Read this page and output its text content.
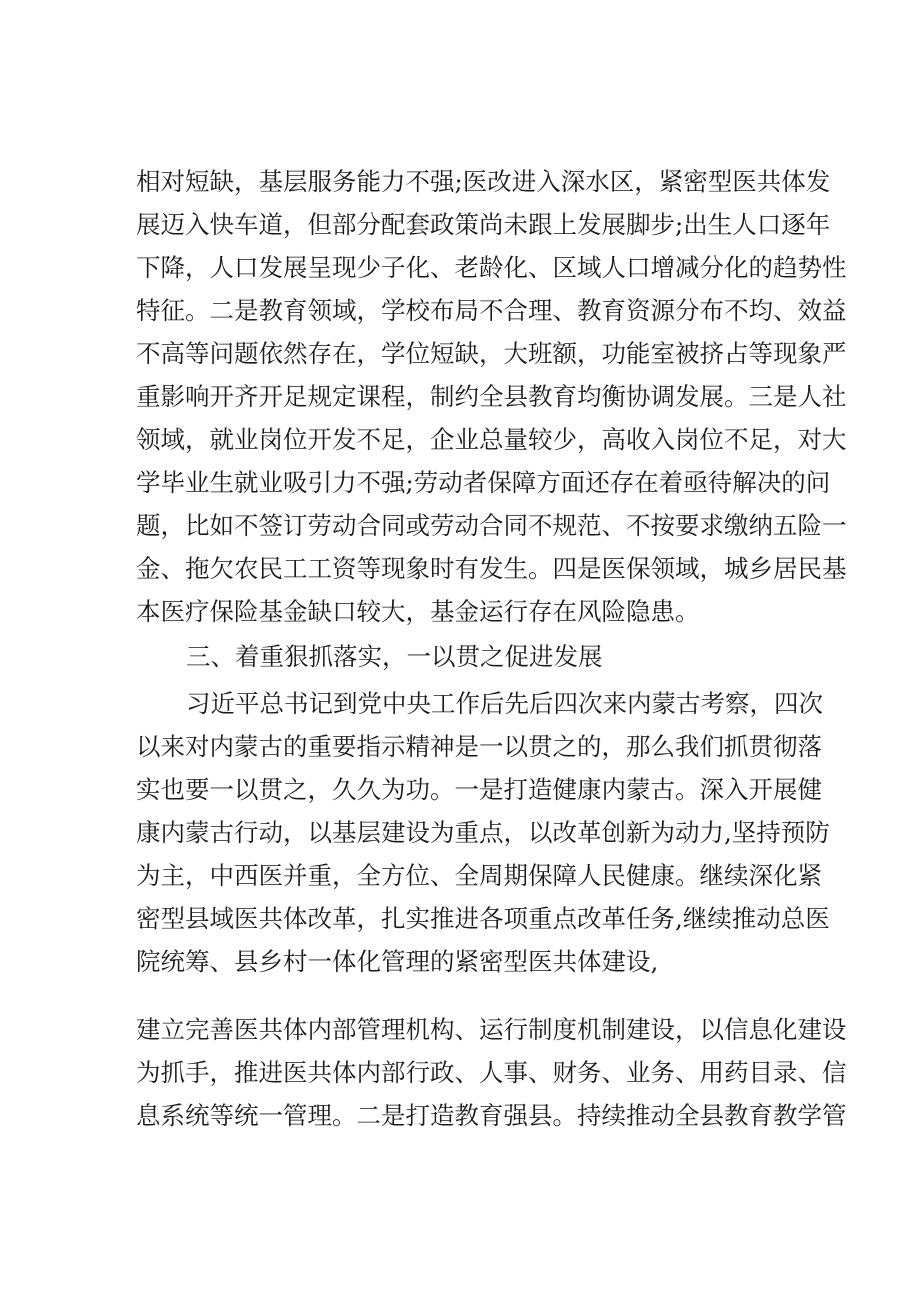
相对短缺，基层服务能力不强;医改进入深水区，紧密型医共体发
展迈入快车道，但部分配套政策尚未跟上发展脚步;出生人口逐年
下降，人口发展呈现少子化、老龄化、区域人口增减分化的趋势性
特征。二是教育领域，学校布局不合理、教育资源分布不均、效益
不高等问题依然存在，学位短缺，大班额，功能室被挤占等现象严
重影响开齐开足规定课程，制约全县教育均衡协调发展。三是人社
领域，就业岗位开发不足，企业总量较少，高收入岗位不足，对大
学毕业生就业吸引力不强;劳动者保障方面还存在着亟待解决的问
题，比如不签订劳动合同或劳动合同不规范、不按要求缴纳五险一
金、拖欠农民工工资等现象时有发生。四是医保领域，城乡居民基
本医疗保险基金缺口较大，基金运行存在风险隐患。
三、着重狠抓落实，一以贯之促进发展
习近平总书记到党中央工作后先后四次来内蒙古考察，四次
以来对内蒙古的重要指示精神是一以贯之的，那么我们抓贯彻落
实也要一以贯之，久久为功。一是打造健康内蒙古。深入开展健
康内蒙古行动，以基层建设为重点，以改革创新为动力,坚持预防
为主，中西医并重，全方位、全周期保障人民健康。继续深化紧
密型县域医共体改革，扎实推进各项重点改革任务,继续推动总医
院统筹、县乡村一体化管理的紧密型医共体建设,
建立完善医共体内部管理机构、运行制度机制建设，以信息化建设
为抓手，推进医共体内部行政、人事、财务、业务、用药目录、信
息系统等统一管理。二是打造教育强县。持续推动全县教育教学管
